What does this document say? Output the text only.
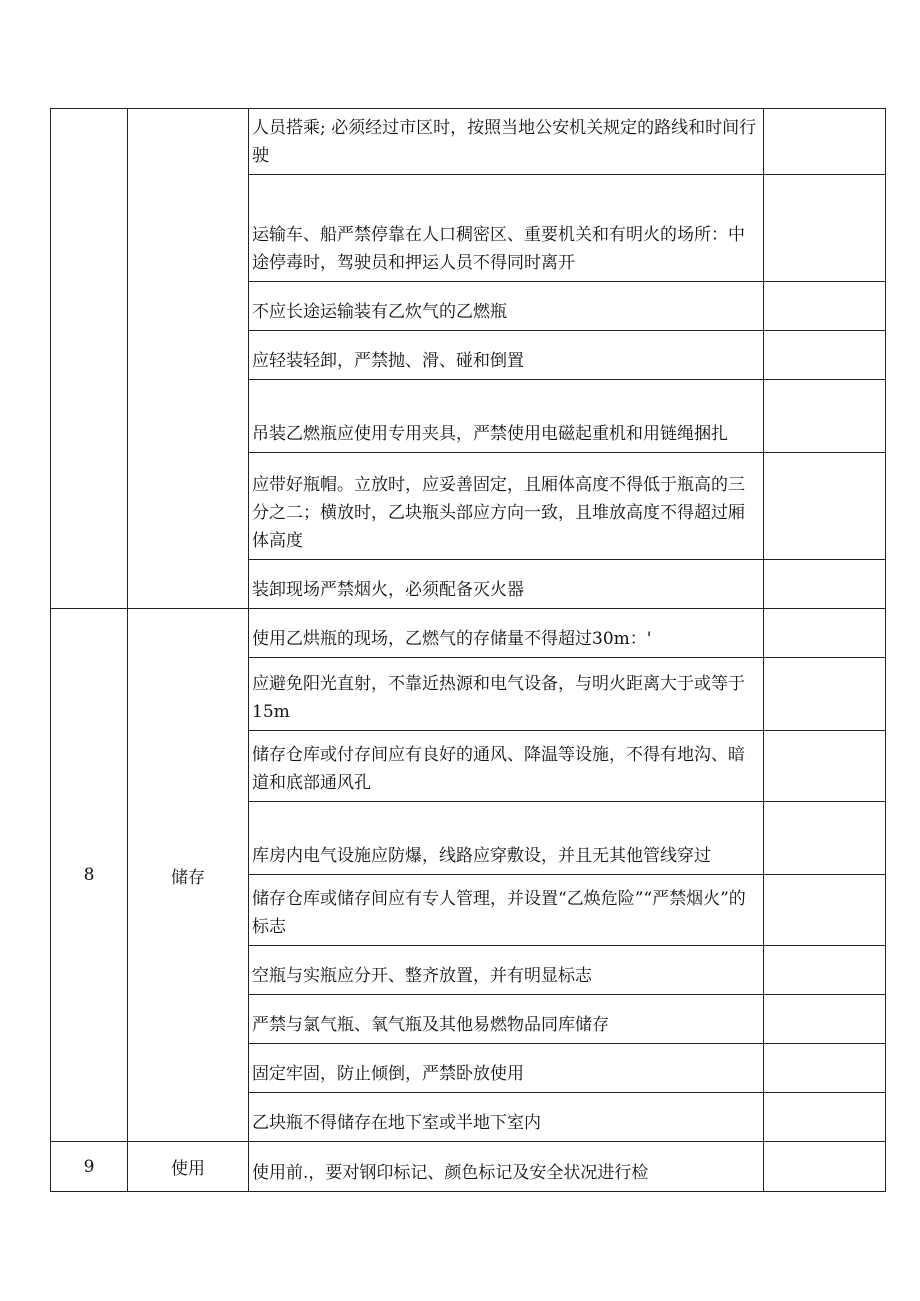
		人员搭乘; 必须经过市区时，按照当地公安机关规定的路线和时间行驶	
		运输车、船严禁停靠在人口稠密区、重要机关和有明火的场所：中途停毒时，驾驶员和押运人员不得同时离开	
		不应长途运输装有乙炊气的乙燃瓶	
		应轻装轻卸，严禁抛、滑、碰和倒置	
		吊装乙燃瓶应使用专用夹具，严禁使用电磁起重机和用链绳捆扎	
		应带好瓶帽。立放时，应妥善固定，且厢体高度不得低于瓶高的三分之二；横放时，乙块瓶头部应方向一致，且堆放高度不得超过厢体高度	
		装卸现场严禁烟火，必须配备灭火器	
8	储存	使用乙烘瓶的现场，乙燃气的存储量不得超过30m：'	
		应避免阳光直射，不靠近热源和电气设备，与明火距离大于或等于15m	
		储存仓库或付存间应有良好的通风、降温等设施，不得有地沟、暗道和底部通风孔	
		库房内电气设施应防爆，线路应穿敷设，并且无其他管线穿过	
		储存仓库或储存间应有专人管理，并设置“乙焕危险”“严禁烟火”的标志	
		空瓶与实瓶应分开、整齐放置，并有明显标志	
		严禁与氯气瓶、氧气瓶及其他易燃物品同库储存	
		固定牢固，防止倾倒，严禁卧放使用	
		乙块瓶不得储存在地下室或半地下室内	
9	使用	使用前.，要对钢印标记、颜色标记及安全状况进行检	
